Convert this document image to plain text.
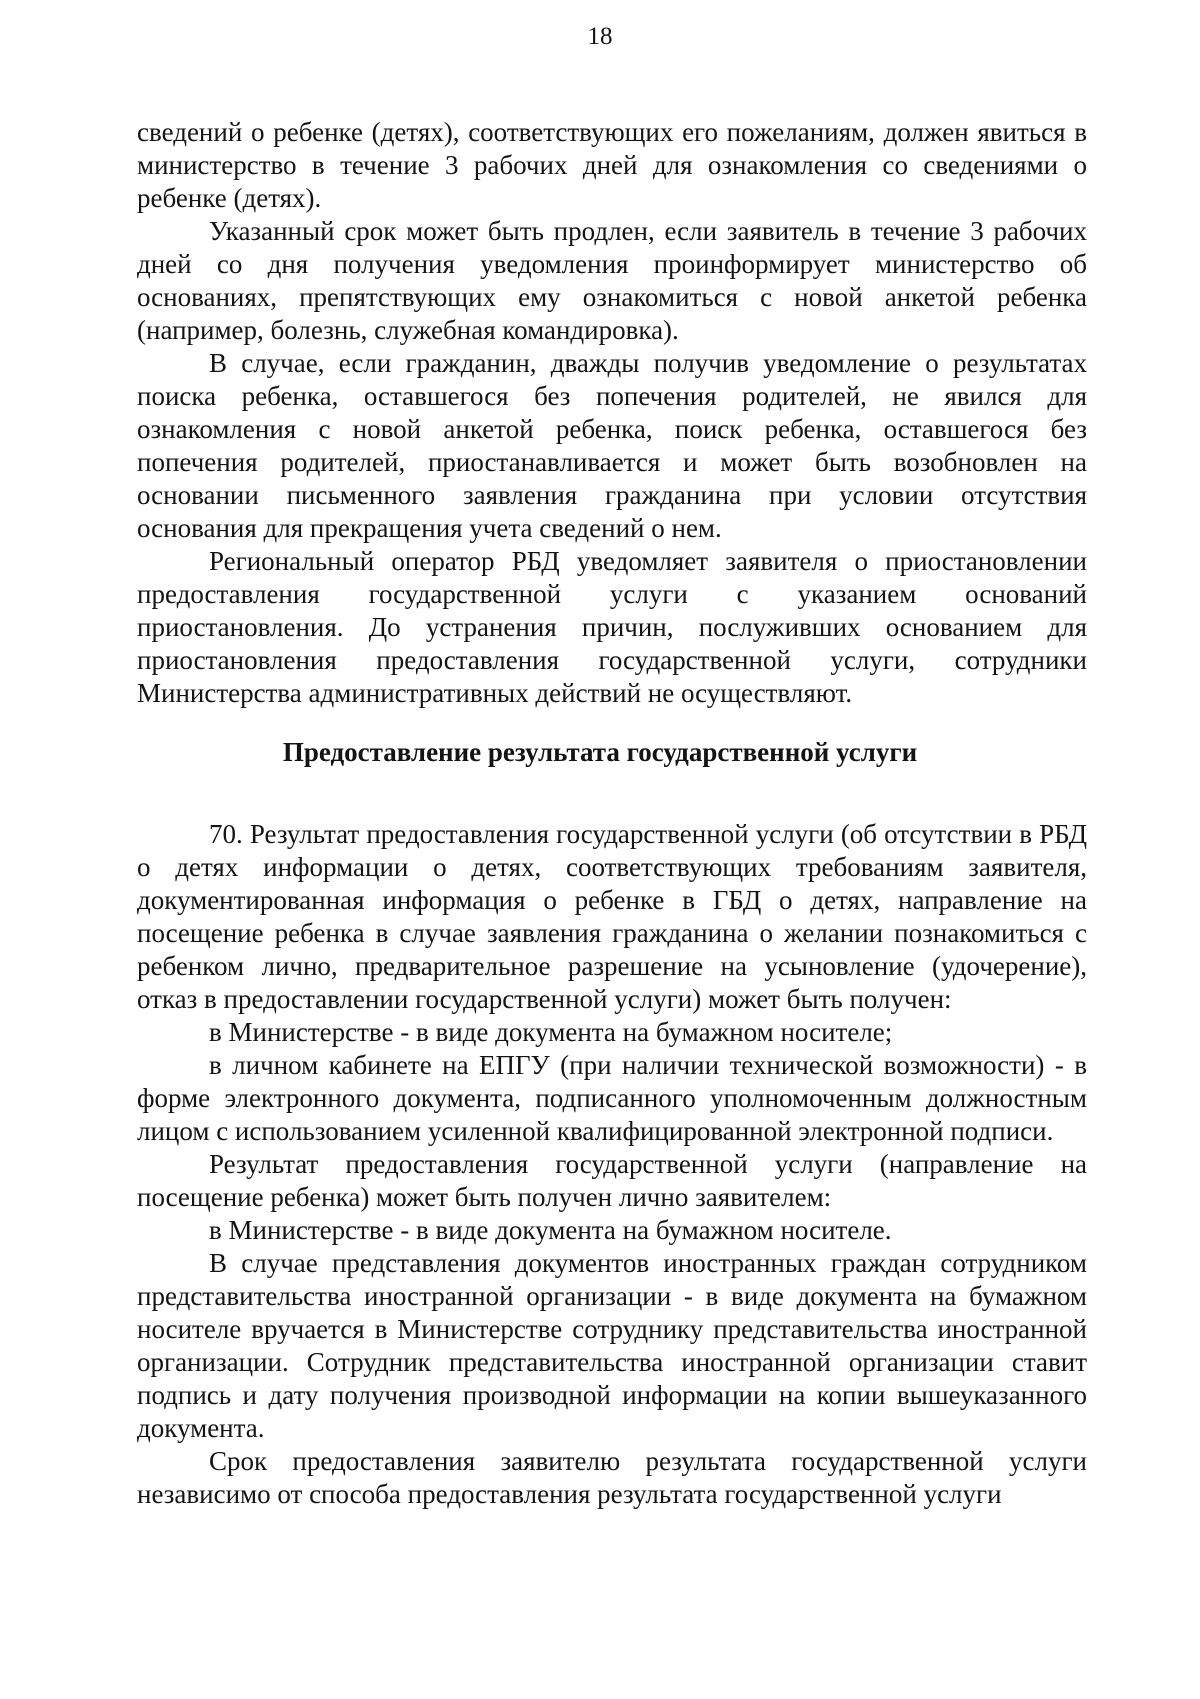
18

сведений о ребенке (детях), соответствующих его пожеланиям, должен явиться в министерство в течение 3 рабочих дней для ознакомления со сведениями о ребенке (детях).

Указанный срок может быть продлен, если заявитель в течение 3 рабочих дней со дня получения уведомления проинформирует министерство об основаниях, препятствующих ему ознакомиться с новой анкетой ребенка (например, болезнь, служебная командировка).

В случае, если гражданин, дважды получив уведомление о результатах поиска ребенка, оставшегося без попечения родителей, не явился для ознакомления с новой анкетой ребенка, поиск ребенка, оставшегося без попечения родителей, приостанавливается и может быть возобновлен на основании письменного заявления гражданина при условии отсутствия основания для прекращения учета сведений о нем.

Региональный оператор РБД уведомляет заявителя о приостановлении предоставления государственной услуги с указанием оснований приостановления. До устранения причин, послуживших основанием для приостановления предоставления государственной услуги, сотрудники Министерства административных действий не осуществляют.

Предоставление результата государственной услуги

70. Результат предоставления государственной услуги (об отсутствии в РБД о детях информации о детях, соответствующих требованиям заявителя, документированная информация о ребенке в ГБД о детях, направление на посещение ребенка в случае заявления гражданина о желании познакомиться с ребенком лично, предварительное разрешение на усыновление (удочерение), отказ в предоставлении государственной услуги) может быть получен:

в Министерстве - в виде документа на бумажном носителе;

в личном кабинете на ЕПГУ (при наличии технической возможности) - в форме электронного документа, подписанного уполномоченным должностным лицом с использованием усиленной квалифицированной электронной подписи.

Результат предоставления государственной услуги (направление на посещение ребенка) может быть получен лично заявителем:

в Министерстве - в виде документа на бумажном носителе.

В случае представления документов иностранных граждан сотрудником представительства иностранной организации - в виде документа на бумажном носителе вручается в Министерстве сотруднику представительства иностранной организации. Сотрудник представительства иностранной организации ставит подпись и дату получения производной информации на копии вышеуказанного документа.

Срок предоставления заявителю результата государственной услуги независимо от способа предоставления результата государственной услуги
